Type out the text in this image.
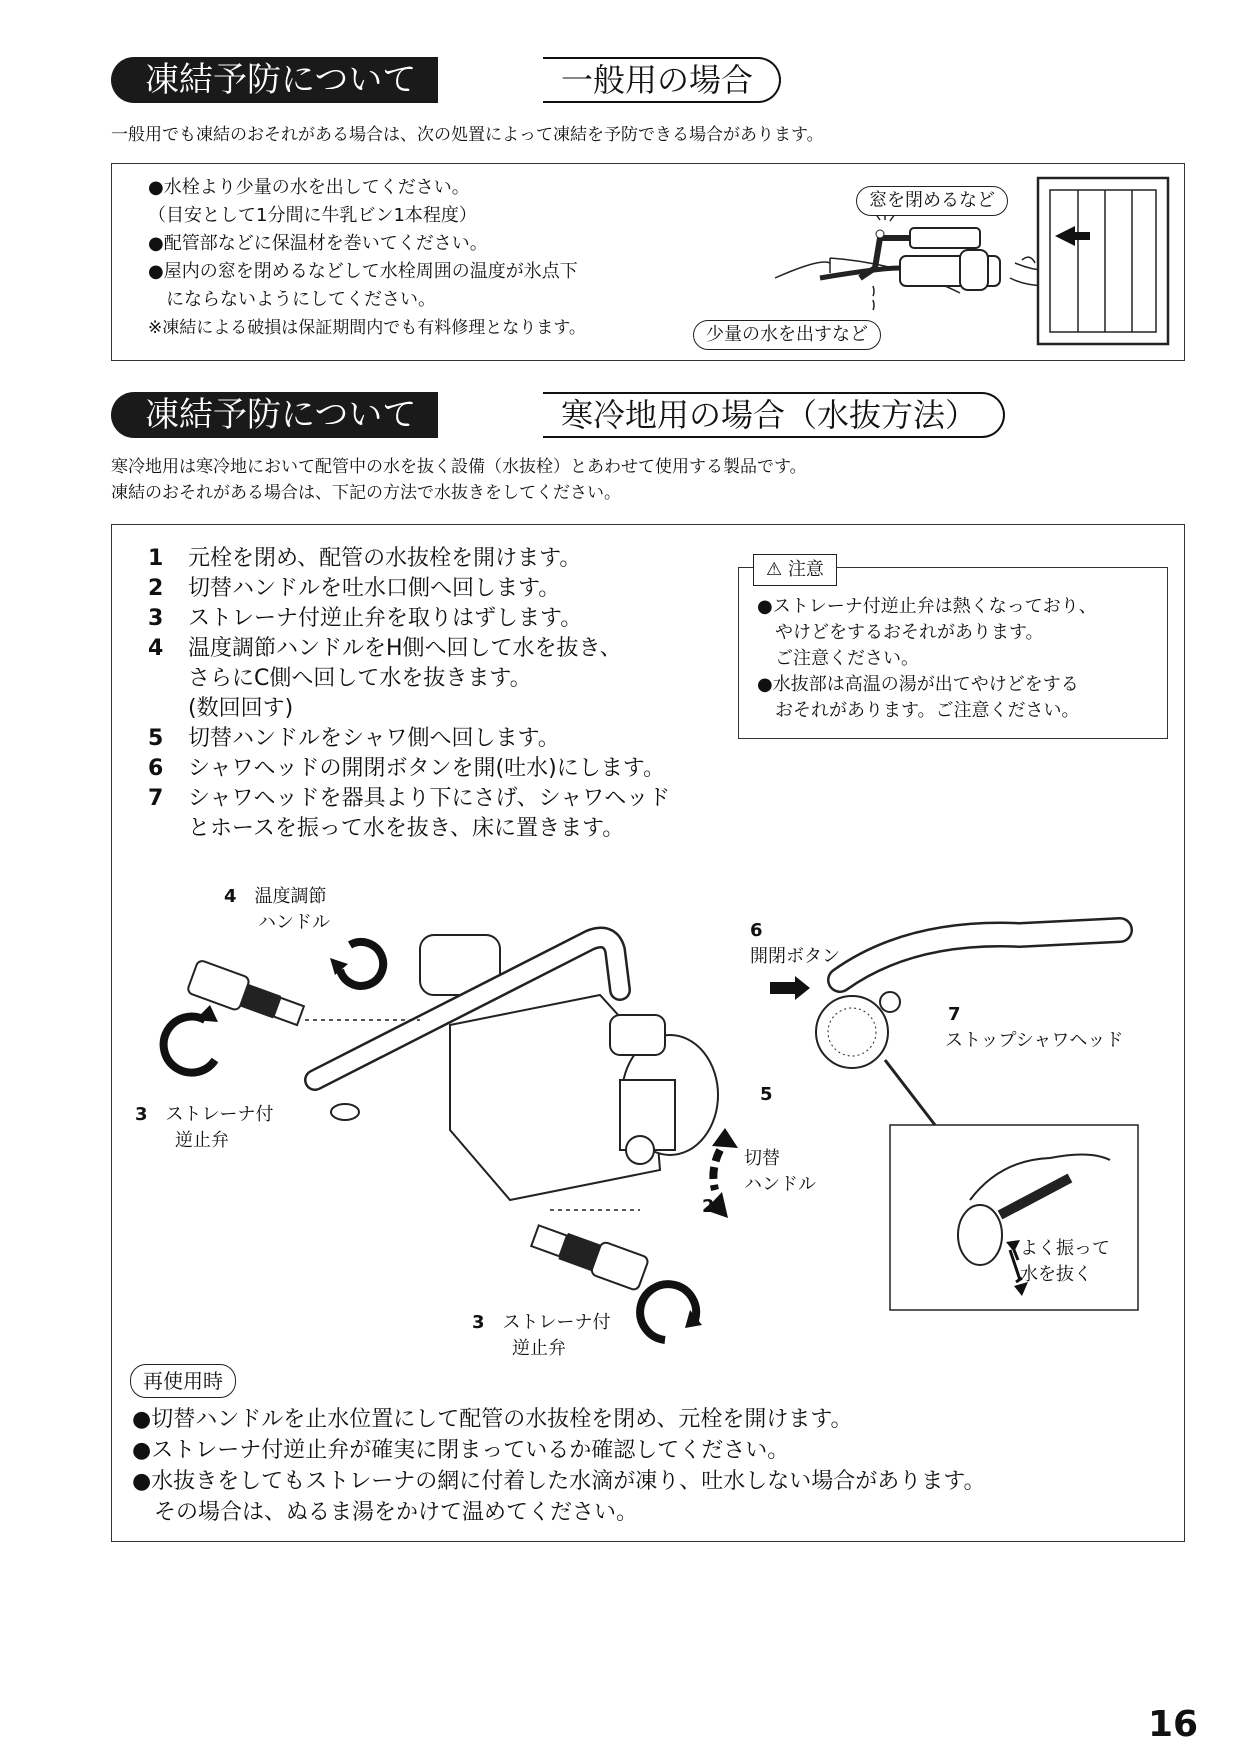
凍結予防について	一般用の場合
一般用でも凍結のおそれがある場合は、次の処置によって凍結を予防できる場合があります。
●水栓より少量の水を出してください。
（目安として1分間に牛乳ビン1本程度）
●配管部などに保温材を巻いてください。
●屋内の窓を閉めるなどして水栓周囲の温度が氷点下
　にならないようにしてください。
※凍結による破損は保証期間内でも有料修理となります。
窓を閉めるなど
少量の水を出すなど
凍結予防について	寒冷地用の場合（水抜方法）
寒冷地用は寒冷地において配管中の水を抜く設備（水抜栓）とあわせて使用する製品です。
凍結のおそれがある場合は、下記の方法で水抜きをしてください。
1 元栓を閉め、配管の水抜栓を開けます。
2 切替ハンドルを吐水口側へ回します。
3 ストレーナ付逆止弁を取りはずします。
4 温度調節ハンドルをH側へ回して水を抜き、
さらにC側へ回して水を抜きます。
(数回回す)
5 切替ハンドルをシャワ側へ回します。
6 シャワヘッドの開閉ボタンを開(吐水)にします。
7 シャワヘッドを器具より下にさげ、シャワヘッド
とホースを振って水を抜き、床に置きます。
⚠ 注意
●ストレーナ付逆止弁は熱くなっており、
　やけどをするおそれがあります。
　ご注意ください。
●水抜部は高温の湯が出てやけどをする
　おそれがあります。ご注意ください。
4　 温度調節
ハンドル
3　 ストレーナ付
逆止弁
6
開閉ボタン
7
ストップシャワヘッド
5
切替
ハンドル
2
3　 ストレーナ付
逆止弁
よく振って
水を抜く
再使用時
●切替ハンドルを止水位置にして配管の水抜栓を閉め、元栓を開けます。
●ストレーナ付逆止弁が確実に閉まっているか確認してください。
●水抜きをしてもストレーナの網に付着した水滴が凍り、吐水しない場合があります。
　その場合は、ぬるま湯をかけて温めてください。
16
